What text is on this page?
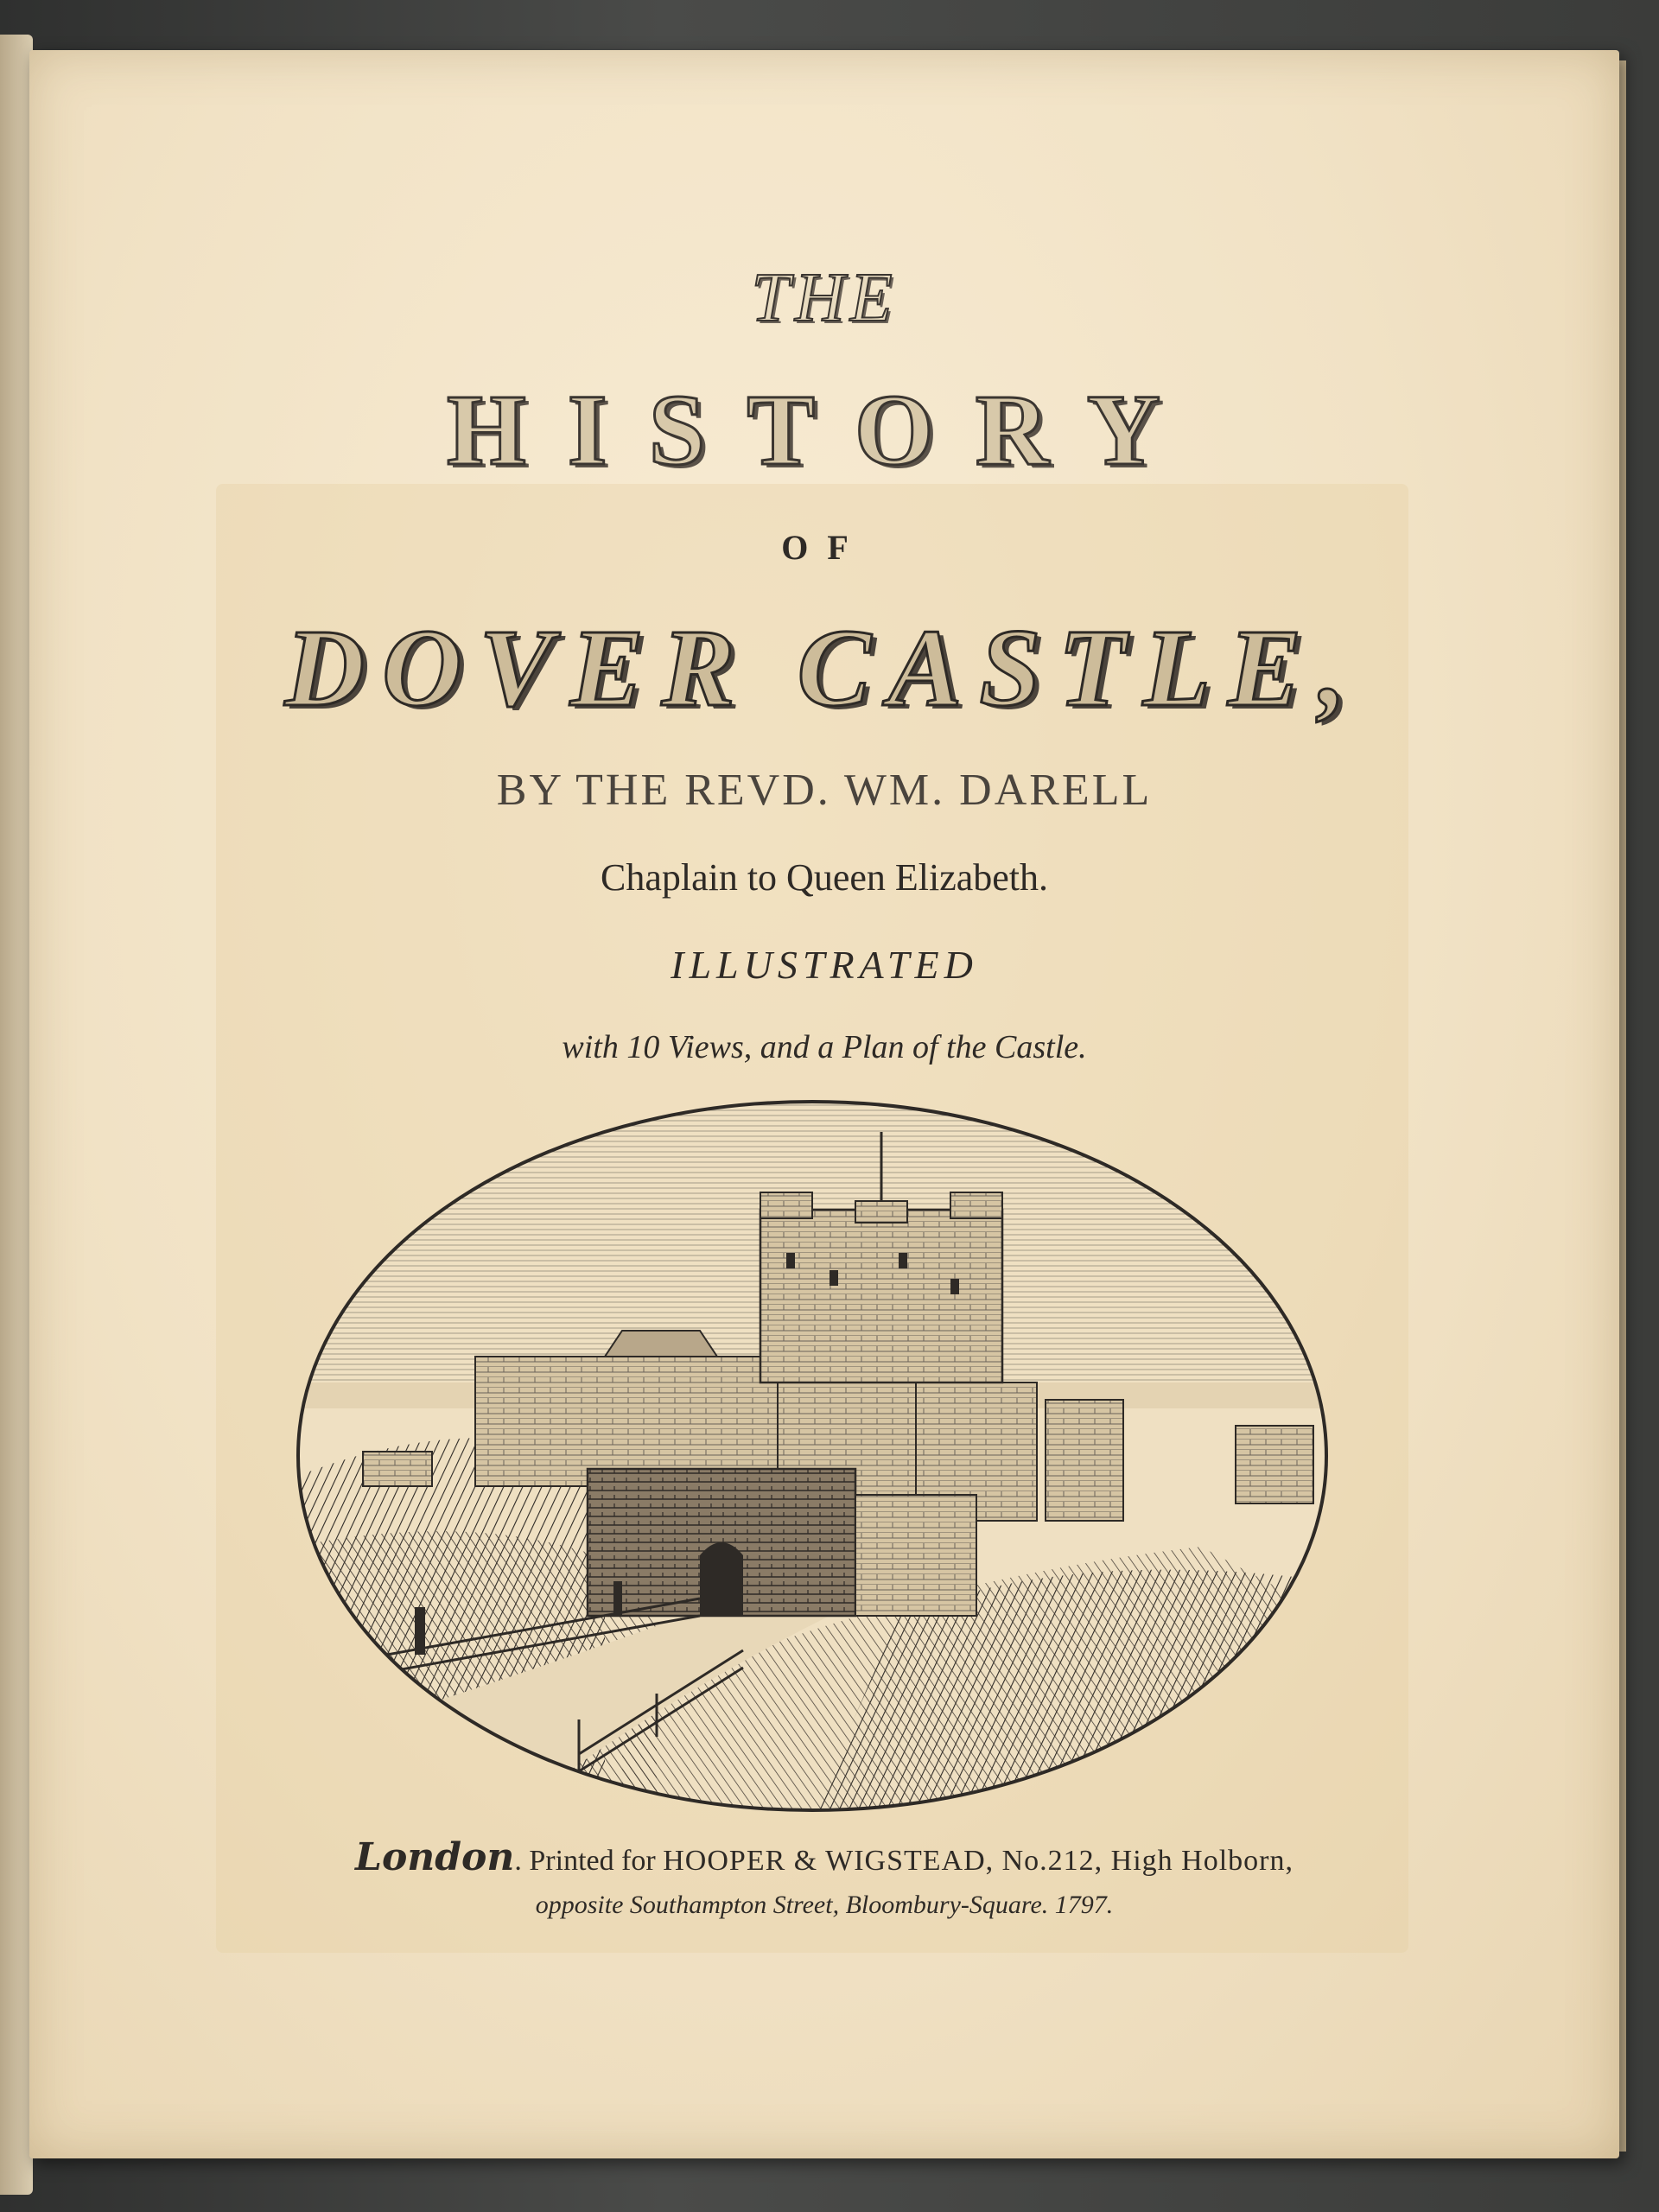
THE
HISTORY
OF
DOVER CASTLE,
BY THE REVD. WM. DARELL
Chaplain to Queen Elizabeth.
ILLUSTRATED
with 10 Views, and a Plan of the Castle.
London. Printed for HOOPER & WIGSTEAD, No.212, High Holborn,
opposite Southampton Street, Bloombury-Square. 1797.
